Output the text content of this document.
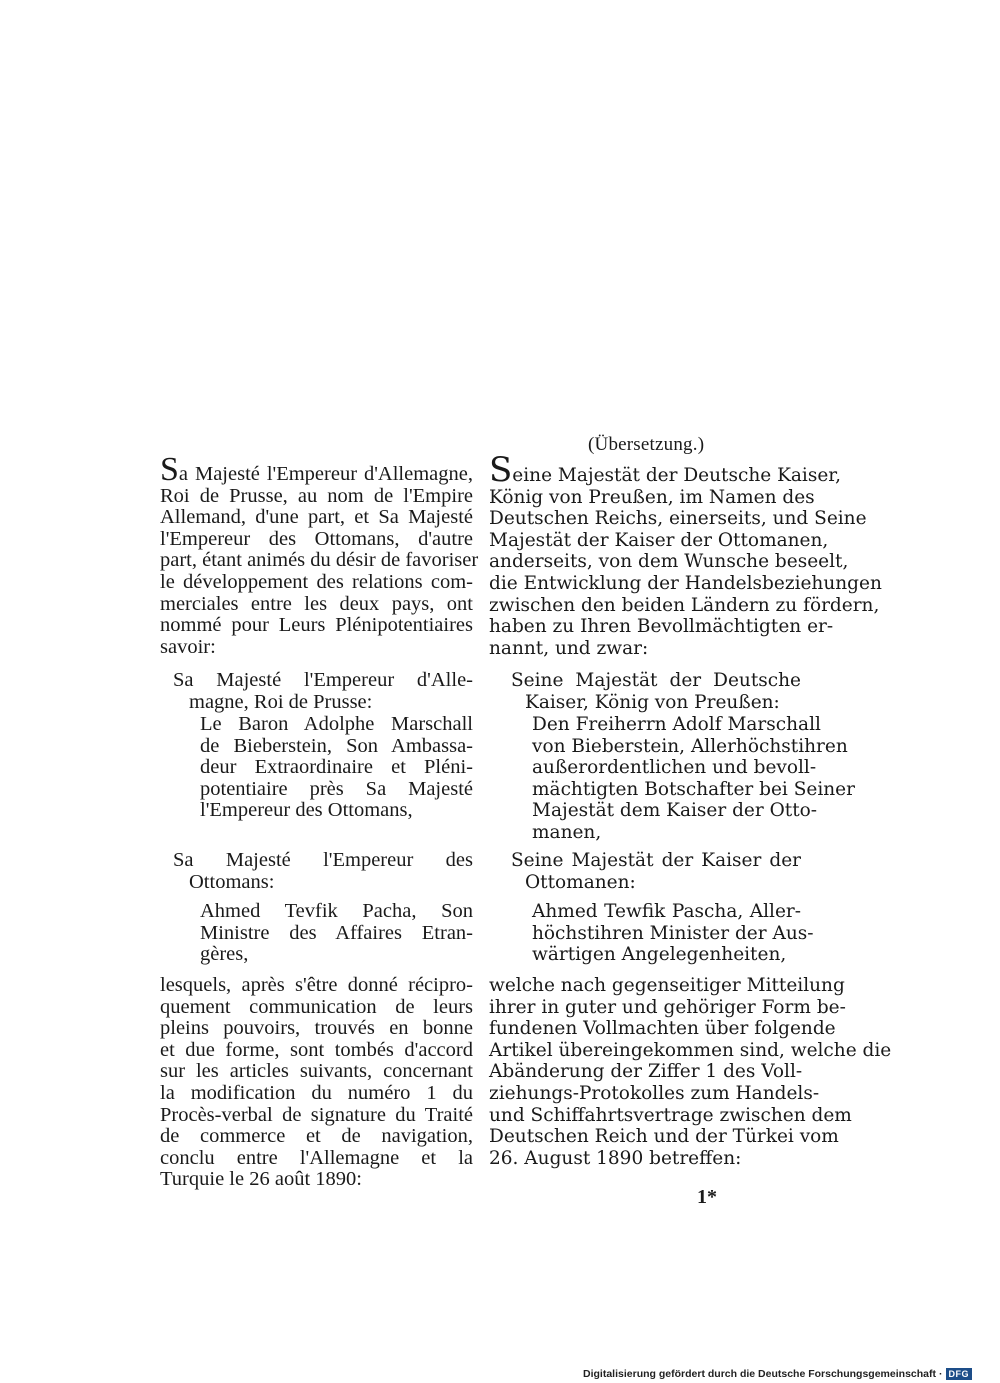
(Übersetzung.)
Sa Majesté l'Empereur d'Allemagne,
Roi de Prusse, au nom de l'Empire
Allemand, d'une part, et Sa Majesté
l'Empereur des Ottomans, d'autre
part, étant animés du désir de favoriser
le développement des relations com-
merciales entre les deux pays, ont
nommé pour Leurs Plénipotentiaires
savoir:
Sa Majesté l'Empereur d'Alle-
magne, Roi de Prusse:
Le Baron Adolphe Marschall
de Bieberstein, Son Ambassa-
deur Extraordinaire et Pléni-
potentiaire près Sa Majesté
l'Empereur des Ottomans,
Sa Majesté l'Empereur des
Ottomans:
Ahmed Tevfik Pacha, Son
Ministre des Affaires Etran-
gères,
lesquels, après s'être donné récipro-
quement communication de leurs
pleins pouvoirs, trouvés en bonne
et due forme, sont tombés d'accord
sur les articles suivants, concernant
la modification du numéro 1 du
Procès-verbal de signature du Traité
de commerce et de navigation,
conclu entre l'Allemagne et la
Turquie le 26 août 1890:
Seine Majestät der Deutsche Kaiser,
König von Preußen, im Namen des
Deutschen Reichs, einerseits, und Seine
Majestät der Kaiser der Ottomanen,
anderseits, von dem Wunsche beseelt,
die Entwicklung der Handelsbeziehungen
zwischen den beiden Ländern zu fördern,
haben zu Ihren Bevollmächtigten er-
nannt, und zwar:
Seine Majestät der Deutsche
Kaiser, König von Preußen:
Den Freiherrn Adolf Marschall
von Bieberstein, Allerhöchstihren
außerordentlichen und bevoll-
mächtigten Botschafter bei Seiner
Majestät dem Kaiser der Otto-
manen,
Seine Majestät der Kaiser der
Ottomanen:
Ahmed Tewfik Pascha, Aller-
höchstihren Minister der Aus-
wärtigen Angelegenheiten,
welche nach gegenseitiger Mitteilung
ihrer in guter und gehöriger Form be-
fundenen Vollmachten über folgende
Artikel übereingekommen sind, welche die
Abänderung der Ziffer 1 des Voll-
ziehungs-Protokolles zum Handels-
und Schiffahrtsvertrage zwischen dem
Deutschen Reich und der Türkei vom
26. August 1890 betreffen:
1*
Digitalisierung gefördert durch die Deutsche Forschungsgemeinschaft · DFG
